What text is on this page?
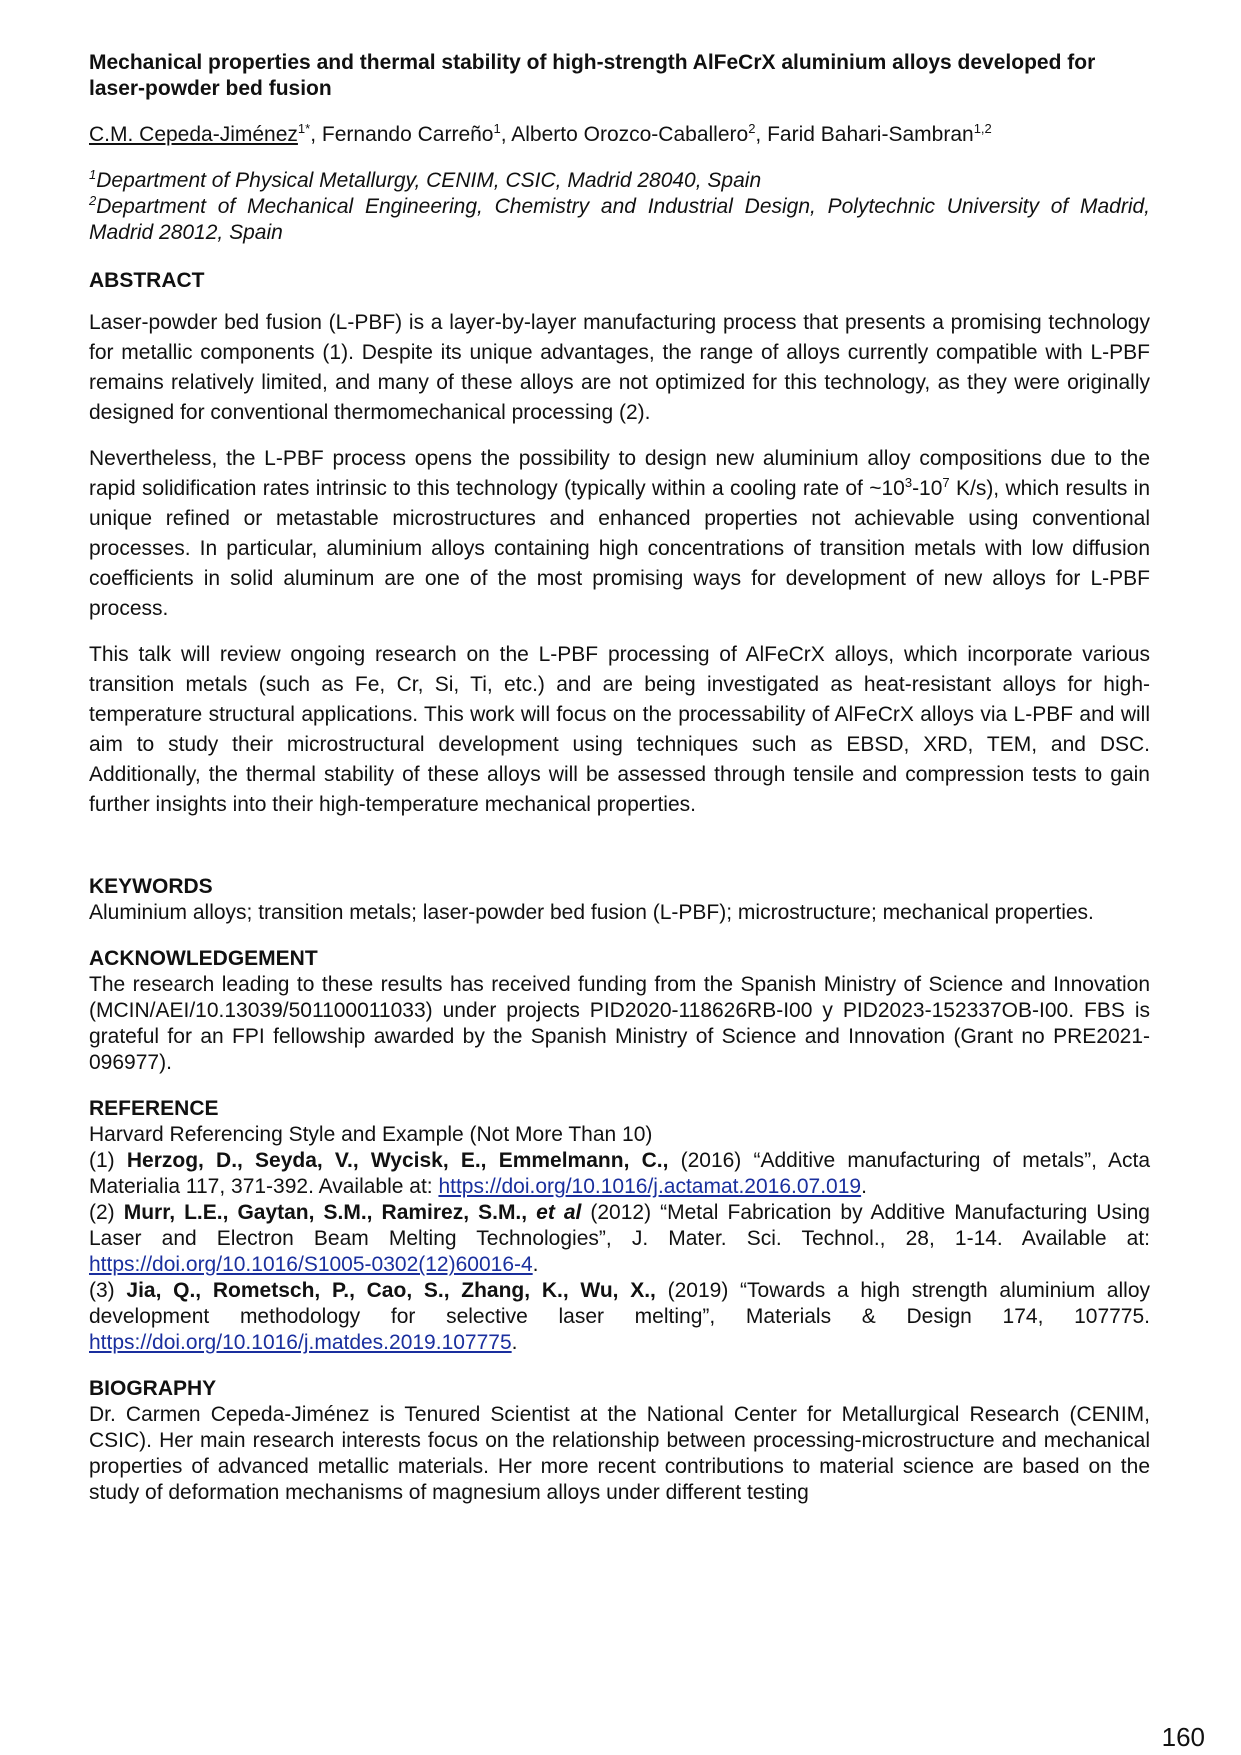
Mechanical properties and thermal stability of high-strength AlFeCrX aluminium alloys developed for laser-powder bed fusion

C.M. Cepeda-Jiménez$^{1*}$, Fernando Carreño$^1$, Alberto Orozco-Caballero$^2$, Farid Bahari-Sambran$^{1,2}$

$^1$Department of Physical Metallurgy, CENIM, CSIC, Madrid 28040, Spain

$^2$Department of Mechanical Engineering, Chemistry and Industrial Design, Polytechnic University of Madrid, Madrid 28012, Spain

ABSTRACT

Laser-powder bed fusion (L-PBF) is a layer-by-layer manufacturing process that presents a promising technology for metallic components (1). Despite its unique advantages, the range of alloys currently compatible with L-PBF remains relatively limited, and many of these alloys are not optimized for this technology, as they were originally designed for conventional thermomechanical processing (2).

Nevertheless, the L-PBF process opens the possibility to design new aluminium alloy compositions due to the rapid solidification rates intrinsic to this technology (typically within a cooling rate of $\sim 10^3-10^7$ K/s), which results in unique refined or metastable microstructures and enhanced properties not achievable using conventional processes. In particular, aluminium alloys containing high concentrations of transition metals with low diffusion coefficients in solid aluminum are one of the most promising ways for development of new alloys for L-PBF process.

This talk will review ongoing research on the L-PBF processing of AlFeCrX alloys, which incorporate various transition metals (such as Fe, Cr, Si, Ti, etc.) and are being investigated as heat-resistant alloys for high-temperature structural applications. This work will focus on the processability of AlFeCrX alloys via L-PBF and will aim to study their microstructural development using techniques such as EBSD, XRD, TEM, and DSC. Additionally, the thermal stability of these alloys will be assessed through tensile and compression tests to gain further insights into their high-temperature mechanical properties.

KEYWORDS

Aluminium alloys; transition metals; laser-powder bed fusion (L-PBF); microstructure; mechanical properties.

ACKNOWLEDGEMENT

The research leading to these results has received funding from the Spanish Ministry of Science and Innovation (MCIN/AEI/10.13039/501100011033) under projects PID2020-118626RB-I00 y PID2023-152337OB-I00. FBS is grateful for an FPI fellowship awarded by the Spanish Ministry of Science and Innovation (Grant no PRE2021-096977).

REFERENCE

Harvard Referencing Style and Example (Not More Than 10)

(1) Herzog, D., Seyda, V., Wycisk, E., Emmelmann, C., (2016) “Additive manufacturing of metals”, Acta Materialia 117, 371-392. Available at: https://doi.org/10.1016/j.actamat.2016.07.019.

(2) Murr, L.E., Gaytan, S.M., Ramirez, S.M., et al (2012) “Metal Fabrication by Additive Manufacturing Using Laser and Electron Beam Melting Technologies”, J. Mater. Sci. Technol., 28, 1-14. Available at: https://doi.org/10.1016/S1005-0302(12)60016-4.

(3) Jia, Q., Rometsch, P., Cao, S., Zhang, K., Wu, X., (2019) “Towards a high strength aluminium alloy development methodology for selective laser melting”, Materials & Design 174, 107775. https://doi.org/10.1016/j.matdes.2019.107775.

BIOGRAPHY

Dr. Carmen Cepeda-Jiménez is Tenured Scientist at the National Center for Metallurgical Research (CENIM, CSIC). Her main research interests focus on the relationship between processing-microstructure and mechanical properties of advanced metallic materials. Her more recent contributions to material science are based on the study of deformation mechanisms of magnesium alloys under different testing

160
